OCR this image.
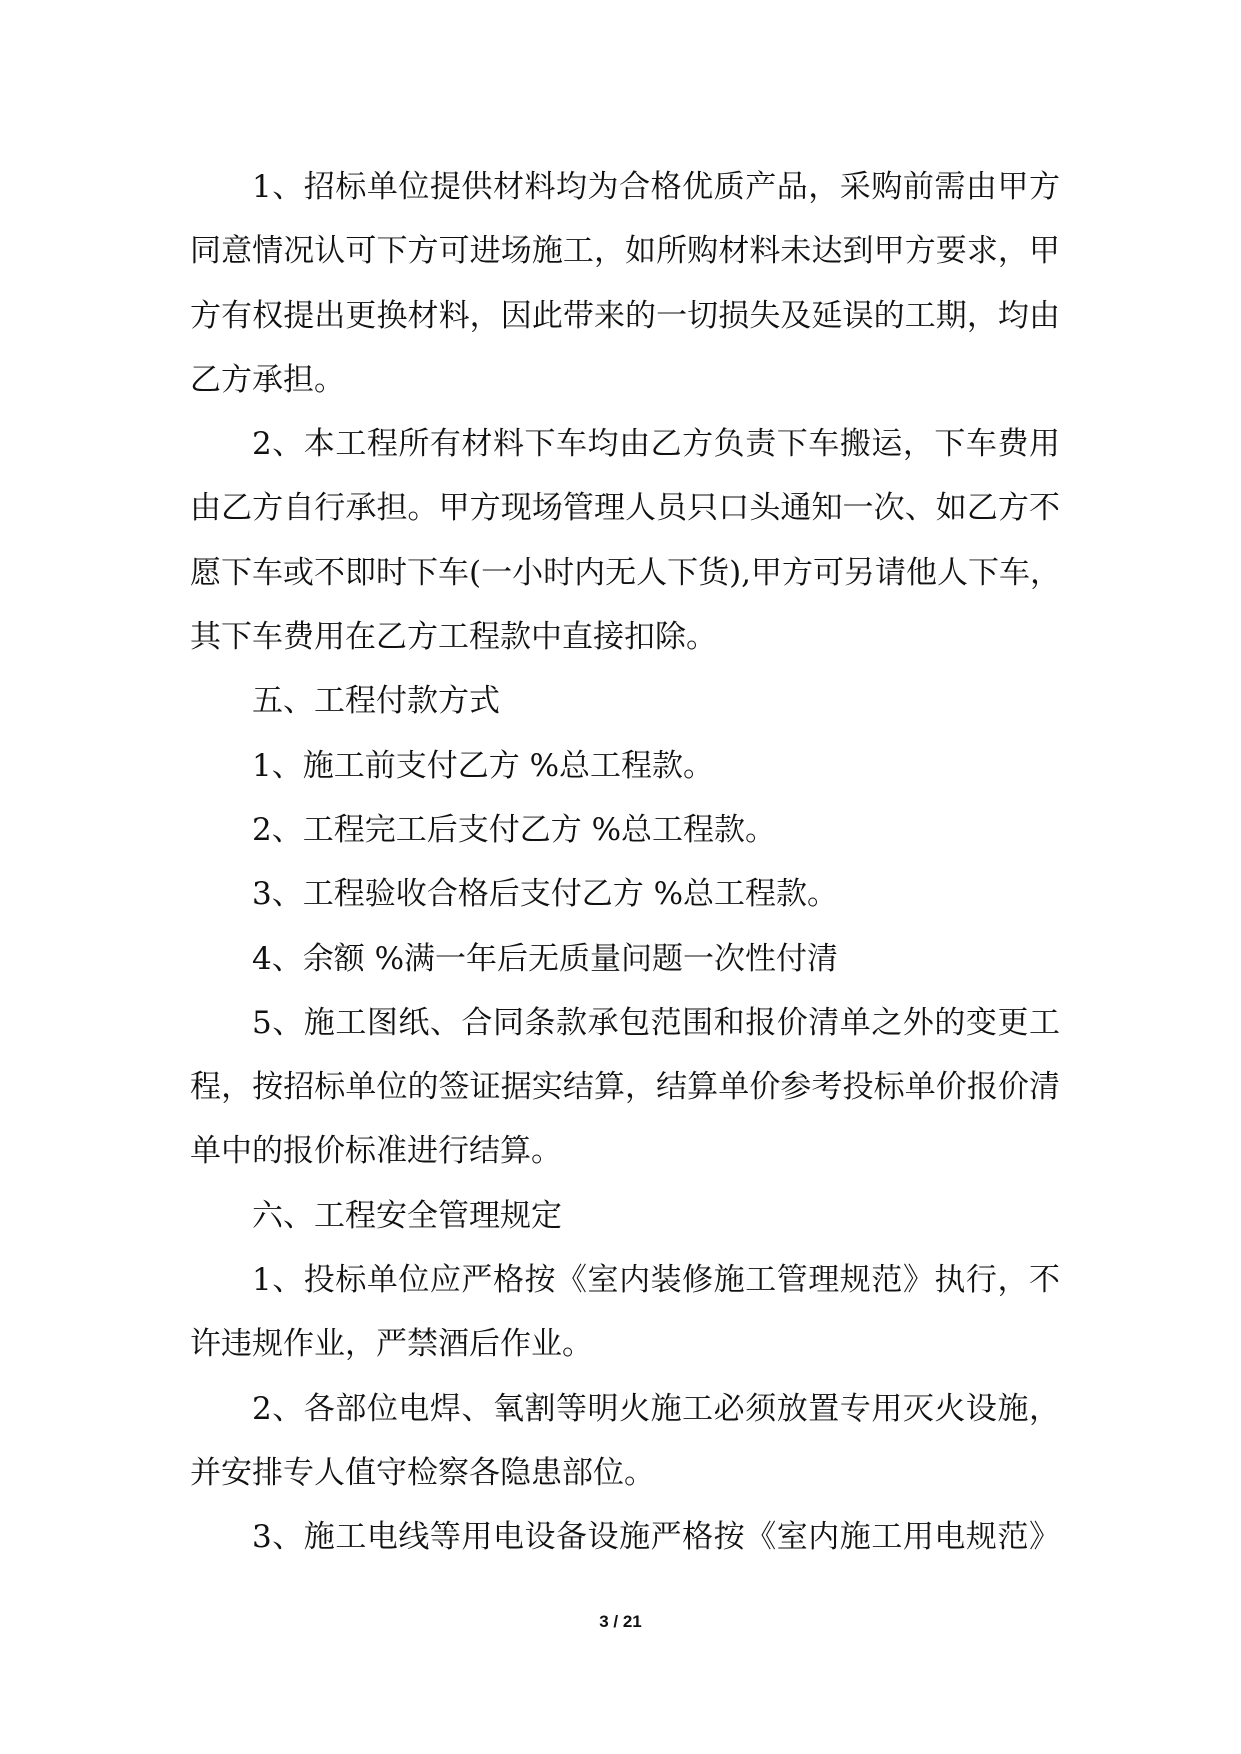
1、招标单位提供材料均为合格优质产品，采购前需由甲方
同意情况认可下方可进场施工，如所购材料未达到甲方要求，甲
方有权提出更换材料，因此带来的一切损失及延误的工期，均由
乙方承担。
2、本工程所有材料下车均由乙方负责下车搬运，下车费用
由乙方自行承担。甲方现场管理人员只口头通知一次、如乙方不
愿下车或不即时下车(一小时内无人下货),甲方可另请他人下车，
其下车费用在乙方工程款中直接扣除。
五、工程付款方式
1、施工前支付乙方 %总工程款。
2、工程完工后支付乙方 %总工程款。
3、工程验收合格后支付乙方 %总工程款。
4、余额 %满一年后无质量问题一次性付清
5、施工图纸、合同条款承包范围和报价清单之外的变更工
程，按招标单位的签证据实结算，结算单价参考投标单价报价清
单中的报价标准进行结算。
六、工程安全管理规定
1、投标单位应严格按《室内装修施工管理规范》执行，不
许违规作业，严禁酒后作业。
2、各部位电焊、氧割等明火施工必须放置专用灭火设施，
并安排专人值守检察各隐患部位。
3、施工电线等用电设备设施严格按《室内施工用电规范》
3 / 21
